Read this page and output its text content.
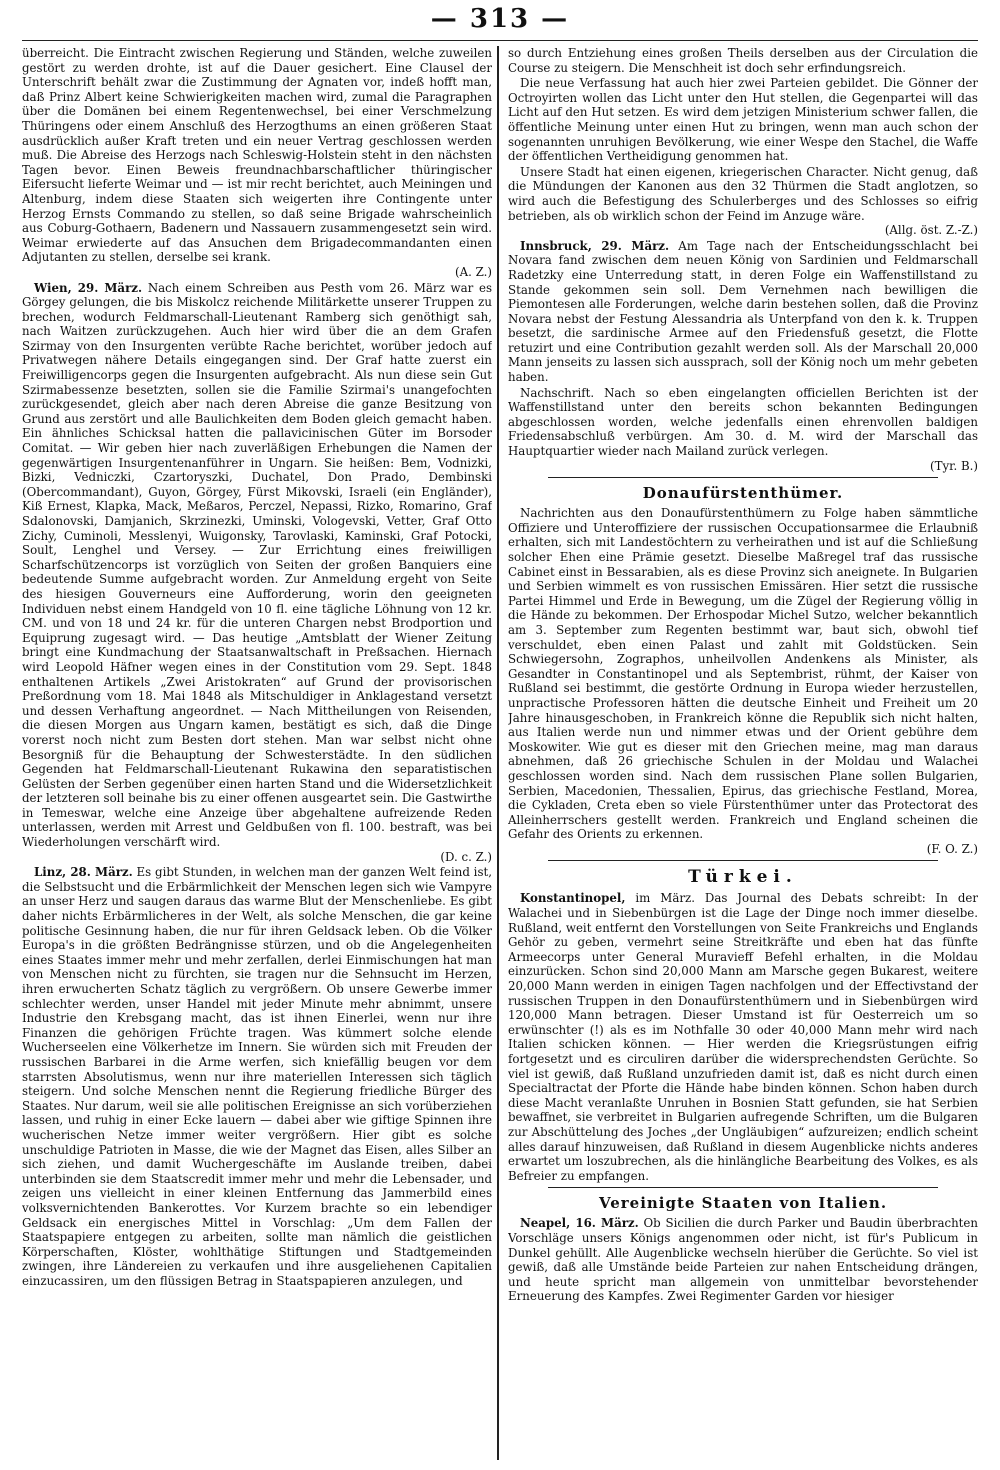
— 313 —

überreicht. Die Eintracht zwischen Regierung und Ständen, welche zuweilen gestört zu werden drohte, ist auf die Dauer gesichert. Eine Clausel der Unterschrift behält zwar die Zustimmung der Agnaten vor, indeß hofft man, daß Prinz Albert keine Schwierigkeiten machen wird, zumal die Paragraphen über die Domänen bei einem Regentenwechsel, bei einer Verschmelzung Thüringens oder einem Anschluß des Herzogthums an einen größeren Staat ausdrücklich außer Kraft treten und ein neuer Vertrag geschlossen werden muß. Die Abreise des Herzogs nach Schleswig-Holstein steht in den nächsten Tagen bevor. Einen Beweis freundnachbarschaftlicher thüringischer Eifersucht lieferte Weimar und — ist mir recht berichtet, auch Meiningen und Altenburg, indem diese Staaten sich weigerten ihre Contingente unter Herzog Ernsts Commando zu stellen, so daß seine Brigade wahrscheinlich aus Coburg-Gothaern, Badenern und Nassauern zusammengesetzt sein wird. Weimar erwiederte auf das Ansuchen dem Brigadecommandanten einen Adjutanten zu stellen, derselbe sei krank.
(A. Z.)

Wien, 29. März. Nach einem Schreiben aus Pesth vom 26. März war es Görgey gelungen, die bis Miskolcz reichende Militärkette unserer Truppen zu brechen, wodurch Feldmarschall-Lieutenant Ramberg sich genöthigt sah, nach Waitzen zurückzugehen. Auch hier wird über die an dem Grafen Szirmay von den Insurgenten verübte Rache berichtet, worüber jedoch auf Privatwegen nähere Details eingegangen sind. Der Graf hatte zuerst ein Freiwilligencorps gegen die Insurgenten aufgebracht. Als nun diese sein Gut Szirmabessenze besetzten, sollen sie die Familie Szirmai's unangefochten zurückgesendet, gleich aber nach deren Abreise die ganze Besitzung von Grund aus zerstört und alle Baulichkeiten dem Boden gleich gemacht haben. Ein ähnliches Schicksal hatten die pallavicinischen Güter im Borsoder Comitat. — Wir geben hier nach zuverläßigen Erhebungen die Namen der gegenwärtigen Insurgentenanführer in Ungarn. Sie heißen: Bem, Vodnizki, Bizki, Vedniczki, Czartoryszki, Duchatel, Don Prado, Dembinski (Obercommandant), Guyon, Görgey, Fürst Mikovski, Israeli (ein Engländer), Kiß Ernest, Klapka, Mack, Meßaros, Perczel, Nepassi, Rizko, Romarino, Graf Sdalonovski, Damjanich, Skrzinezki, Uminski, Vologevski, Vetter, Graf Otto Zichy, Cuminoli, Messlenyi, Wuigonsky, Tarovlaski, Kaminski, Graf Potocki, Soult, Lenghel und Versey. — Zur Errichtung eines freiwilligen Scharfschützencorps ist vorzüglich von Seiten der großen Banquiers eine bedeutende Summe aufgebracht worden. Zur Anmeldung ergeht von Seite des hiesigen Gouverneurs eine Aufforderung, worin den geeigneten Individuen nebst einem Handgeld von 10 fl. eine tägliche Löhnung von 12 kr. CM. und von 18 und 24 kr. für die unteren Chargen nebst Brodportion und Equiprung zugesagt wird. — Das heutige „Amtsblatt der Wiener Zeitung bringt eine Kundmachung der Staatsanwaltschaft in Preßsachen. Hiernach wird Leopold Häfner wegen eines in der Constitution vom 29. Sept. 1848 enthaltenen Artikels „Zwei Aristokraten“ auf Grund der provisorischen Preßordnung vom 18. Mai 1848 als Mitschuldiger in Anklagestand versetzt und dessen Verhaftung angeordnet. — Nach Mittheilungen von Reisenden, die diesen Morgen aus Ungarn kamen, bestätigt es sich, daß die Dinge vorerst noch nicht zum Besten dort stehen. Man war selbst nicht ohne Besorgniß für die Behauptung der Schwesterstädte. In den südlichen Gegenden hat Feldmarschall-Lieutenant Rukawina den separatistischen Gelüsten der Serben gegenüber einen harten Stand und die Widersetzlichkeit der letzteren soll beinahe bis zu einer offenen ausgeartet sein. Die Gastwirthe in Temeswar, welche eine Anzeige über abgehaltene aufreizende Reden unterlassen, werden mit Arrest und Geldbußen von fl. 100. bestraft, was bei Wiederholungen verschärft wird.
(D. c. Z.)

Linz, 28. März. Es gibt Stunden, in welchen man der ganzen Welt feind ist, die Selbstsucht und die Erbärmlichkeit der Menschen legen sich wie Vampyre an unser Herz und saugen daraus das warme Blut der Menschenliebe. Es gibt daher nichts Erbärmlicheres in der Welt, als solche Menschen, die gar keine politische Gesinnung haben, die nur für ihren Geldsack leben. Ob die Völker Europa's in die größten Bedrängnisse stürzen, und ob die Angelegenheiten eines Staates immer mehr und mehr zerfallen, derlei Einmischungen hat man von Menschen nicht zu fürchten, sie tragen nur die Sehnsucht im Herzen, ihren erwucherten Schatz täglich zu vergrößern. Ob unsere Gewerbe immer schlechter werden, unser Handel mit jeder Minute mehr abnimmt, unsere Industrie den Krebsgang macht, das ist ihnen Einerlei, wenn nur ihre Finanzen die gehörigen Früchte tragen. Was kümmert solche elende Wucherseelen eine Völkerhetze im Innern. Sie würden sich mit Freuden der russischen Barbarei in die Arme werfen, sich kniefällig beugen vor dem starrsten Absolutismus, wenn nur ihre materiellen Interessen sich täglich steigern. Und solche Menschen nennt die Regierung friedliche Bürger des Staates. Nur darum, weil sie alle politischen Ereignisse an sich vorüberziehen lassen, und ruhig in einer Ecke lauern — dabei aber wie giftige Spinnen ihre wucherischen Netze immer weiter vergrößern. Hier gibt es solche unschuldige Patrioten in Masse, die wie der Magnet das Eisen, alles Silber an sich ziehen, und damit Wuchergeschäfte im Auslande treiben, dabei unterbinden sie dem Staatscredit immer mehr und mehr die Lebensader, und zeigen uns vielleicht in einer kleinen Entfernung das Jammerbild eines volksvernichtenden Bankerottes. Vor Kurzem brachte so ein lebendiger Geldsack ein energisches Mittel in Vorschlag: „Um dem Fallen der Staatspapiere entgegen zu arbeiten, sollte man nämlich die geistlichen Körperschaften, Klöster, wohlthätige Stiftungen und Stadtgemeinden zwingen, ihre Ländereien zu verkaufen und ihre ausgeliehenen Capitalien einzucassiren, um den flüssigen Betrag in Staatspapieren anzulegen, und

so durch Entziehung eines großen Theils derselben aus der Circulation die Course zu steigern. Die Menschheit ist doch sehr erfindungsreich.

Die neue Verfassung hat auch hier zwei Parteien gebildet. Die Gönner der Octroyirten wollen das Licht unter den Hut stellen, die Gegenpartei will das Licht auf den Hut setzen. Es wird dem jetzigen Ministerium schwer fallen, die öffentliche Meinung unter einen Hut zu bringen, wenn man auch schon der sogenannten unruhigen Bevölkerung, wie einer Wespe den Stachel, die Waffe der öffentlichen Vertheidigung genommen hat.

Unsere Stadt hat einen eigenen, kriegerischen Character. Nicht genug, daß die Mündungen der Kanonen aus den 32 Thürmen die Stadt anglotzen, so wird auch die Befestigung des Schulerberges und des Schlosses so eifrig betrieben, als ob wirklich schon der Feind im Anzuge wäre.
(Allg. öst. Z.-Z.)

Innsbruck, 29. März. Am Tage nach der Entscheidungsschlacht bei Novara fand zwischen dem neuen König von Sardinien und Feldmarschall Radetzky eine Unterredung statt, in deren Folge ein Waffenstillstand zu Stande gekommen sein soll. Dem Vernehmen nach bewilligen die Piemontesen alle Forderungen, welche darin bestehen sollen, daß die Provinz Novara nebst der Festung Alessandria als Unterpfand von den k. k. Truppen besetzt, die sardinische Armee auf den Friedensfuß gesetzt, die Flotte retuzirt und eine Contribution gezahlt werden soll. Als der Marschall 20,000 Mann jenseits zu lassen sich aussprach, soll der König noch um mehr gebeten haben.

Nachschrift. Nach so eben eingelangten officiellen Berichten ist der Waffenstillstand unter den bereits schon bekannten Bedingungen abgeschlossen worden, welche jedenfalls einen ehrenvollen baldigen Friedensabschluß verbürgen. Am 30. d. M. wird der Marschall das Hauptquartier wieder nach Mailand zurück verlegen.
(Tyr. B.)

Donaufürstenthümer.

Nachrichten aus den Donaufürstenthümern zu Folge haben sämmtliche Offiziere und Unteroffiziere der russischen Occupationsarmee die Erlaubniß erhalten, sich mit Landestöchtern zu verheirathen und ist auf die Schließung solcher Ehen eine Prämie gesetzt. Dieselbe Maßregel traf das russische Cabinet einst in Bessarabien, als es diese Provinz sich aneignete. In Bulgarien und Serbien wimmelt es von russischen Emissären. Hier setzt die russische Partei Himmel und Erde in Bewegung, um die Zügel der Regierung völlig in die Hände zu bekommen. Der Erhospodar Michel Sutzo, welcher bekanntlich am 3. September zum Regenten bestimmt war, baut sich, obwohl tief verschuldet, eben einen Palast und zahlt mit Goldstücken. Sein Schwiegersohn, Zographos, unheilvollen Andenkens als Minister, als Gesandter in Constantinopel und als Septembrist, rühmt, der Kaiser von Rußland sei bestimmt, die gestörte Ordnung in Europa wieder herzustellen, unpractische Professoren hätten die deutsche Einheit und Freiheit um 20 Jahre hinausgeschoben, in Frankreich könne die Republik sich nicht halten, aus Italien werde nun und nimmer etwas und der Orient gebühre dem Moskowiter. Wie gut es dieser mit den Griechen meine, mag man daraus abnehmen, daß 26 griechische Schulen in der Moldau und Walachei geschlossen worden sind. Nach dem russischen Plane sollen Bulgarien, Serbien, Macedonien, Thessalien, Epirus, das griechische Festland, Morea, die Cykladen, Creta eben so viele Fürstenthümer unter das Protectorat des Alleinherrschers gestellt werden. Frankreich und England scheinen die Gefahr des Orients zu erkennen.
(F. O. Z.)

Türkei.

Konstantinopel, im März. Das Journal des Debats schreibt: In der Walachei und in Siebenbürgen ist die Lage der Dinge noch immer dieselbe. Rußland, weit entfernt den Vorstellungen von Seite Frankreichs und Englands Gehör zu geben, vermehrt seine Streitkräfte und eben hat das fünfte Armeecorps unter General Muravieff Befehl erhalten, in die Moldau einzurücken. Schon sind 20,000 Mann am Marsche gegen Bukarest, weitere 20,000 Mann werden in einigen Tagen nachfolgen und der Effectivstand der russischen Truppen in den Donaufürstenthümern und in Siebenbürgen wird 120,000 Mann betragen. Dieser Umstand ist für Oesterreich um so erwünschter (!) als es im Nothfalle 30 oder 40,000 Mann mehr wird nach Italien schicken können. — Hier werden die Kriegsrüstungen eifrig fortgesetzt und es circuliren darüber die widersprechendsten Gerüchte. So viel ist gewiß, daß Rußland unzufrieden damit ist, daß es nicht durch einen Specialtractat der Pforte die Hände habe binden können. Schon haben durch diese Macht veranlaßte Unruhen in Bosnien Statt gefunden, sie hat Serbien bewaffnet, sie verbreitet in Bulgarien aufregende Schriften, um die Bulgaren zur Abschüttelung des Joches „der Ungläubigen“ aufzureizen; endlich scheint alles darauf hinzuweisen, daß Rußland in diesem Augenblicke nichts anderes erwartet um loszubrechen, als die hinlängliche Bearbeitung des Volkes, es als Befreier zu empfangen.

Vereinigte Staaten von Italien.

Neapel, 16. März. Ob Sicilien die durch Parker und Baudin überbrachten Vorschläge unsers Königs angenommen oder nicht, ist für's Publicum in Dunkel gehüllt. Alle Augenblicke wechseln hierüber die Gerüchte. So viel ist gewiß, daß alle Umstände beide Parteien zur nahen Entscheidung drängen, und heute spricht man allgemein von unmittelbar bevorstehender Erneuerung des Kampfes. Zwei Regimenter Garden vor hiesiger
